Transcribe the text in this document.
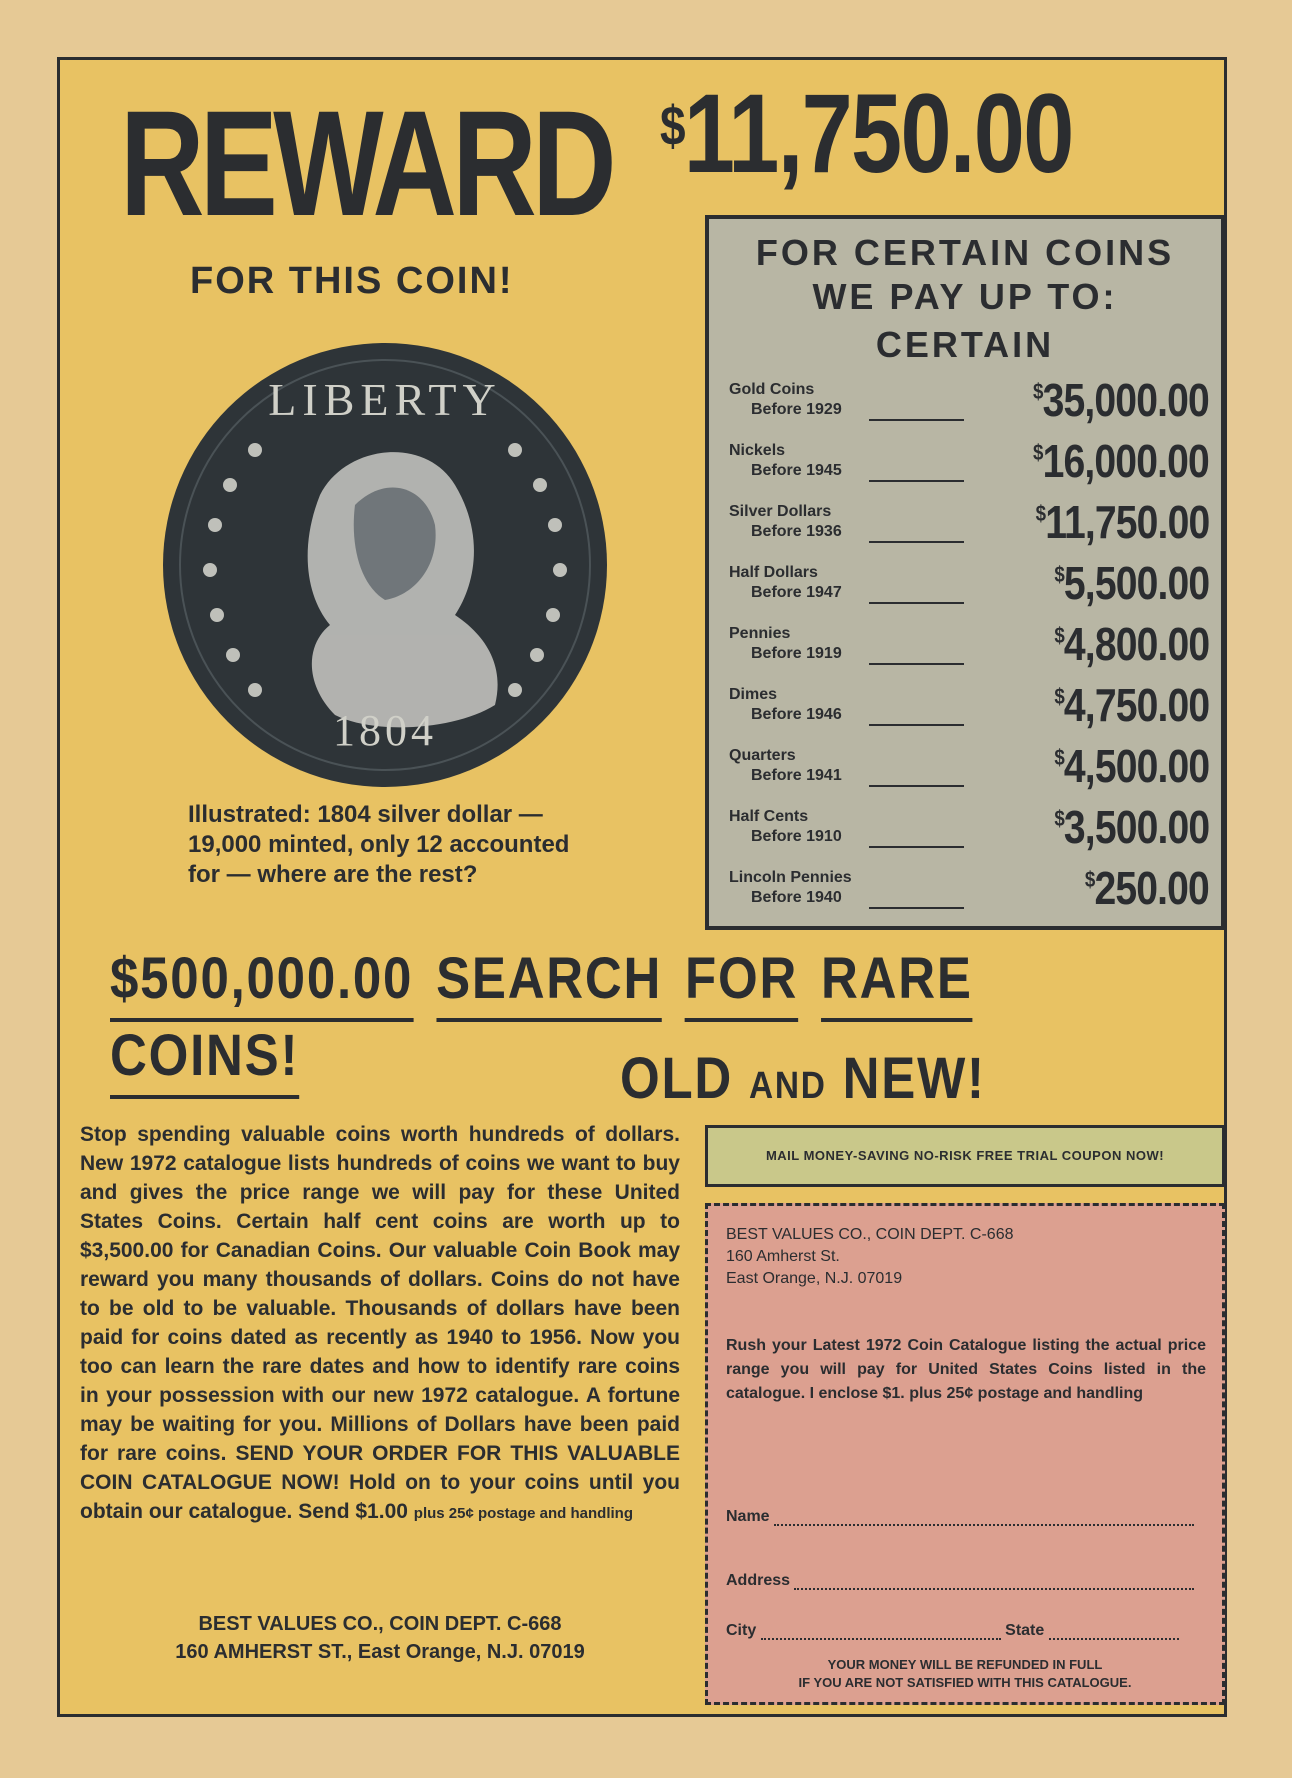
REWARD $11,750.00
FOR THIS COIN!
LIBERTY
1804
Illustrated: 1804 silver dollar — 19,000 minted, only 12 accounted for — where are the rest?
FOR CERTAIN COINS
WE PAY UP TO:
CERTAIN
Gold Coins
Before 1929
$35,000.00
Nickels
Before 1945
$16,000.00
Silver Dollars
Before 1936
$11,750.00
Half Dollars
Before 1947
$5,500.00
Pennies
Before 1919
$4,800.00
Dimes
Before 1946
$4,750.00
Quarters
Before 1941
$4,500.00
Half Cents
Before 1910
$3,500.00
Lincoln Pennies
Before 1940
$250.00
$500,000.00 SEARCH FOR RARECOINS!	OLD AND NEW!
Stop spending valuable coins worth hundreds of dollars. New 1972 catalogue lists hundreds of coins we want to buy and gives the price range we will pay for these United States Coins. Certain half cent coins are worth up to $3,500.00 for Canadian Coins. Our valuable Coin Book may reward you many thousands of dollars. Coins do not have to be old to be valuable. Thousands of dollars have been paid for coins dated as recently as 1940 to 1956. Now you too can learn the rare dates and how to identify rare coins in your possession with our new 1972 catalogue. A fortune may be waiting for you. Millions of Dollars have been paid for rare coins. SEND YOUR ORDER FOR THIS VALUABLE COIN CATALOGUE NOW! Hold on to your coins until you obtain our catalogue. Send $1.00 plus 25¢ postage and handling
BEST VALUES CO., COIN DEPT. C-668
160 AMHERST ST., East Orange, N.J. 07019
MAIL MONEY-SAVING NO-RISK FREE TRIAL COUPON NOW!
BEST VALUES CO., COIN DEPT. C-668
160 Amherst St.
East Orange, N.J. 07019
Rush your Latest 1972 Coin Catalogue listing the actual price range you will pay for United States Coins listed in the catalogue. I enclose $1. plus 25¢ postage and handling
Name
Address
City	State
YOUR MONEY WILL BE REFUNDED IN FULL
IF YOU ARE NOT SATISFIED WITH THIS CATALOGUE.
